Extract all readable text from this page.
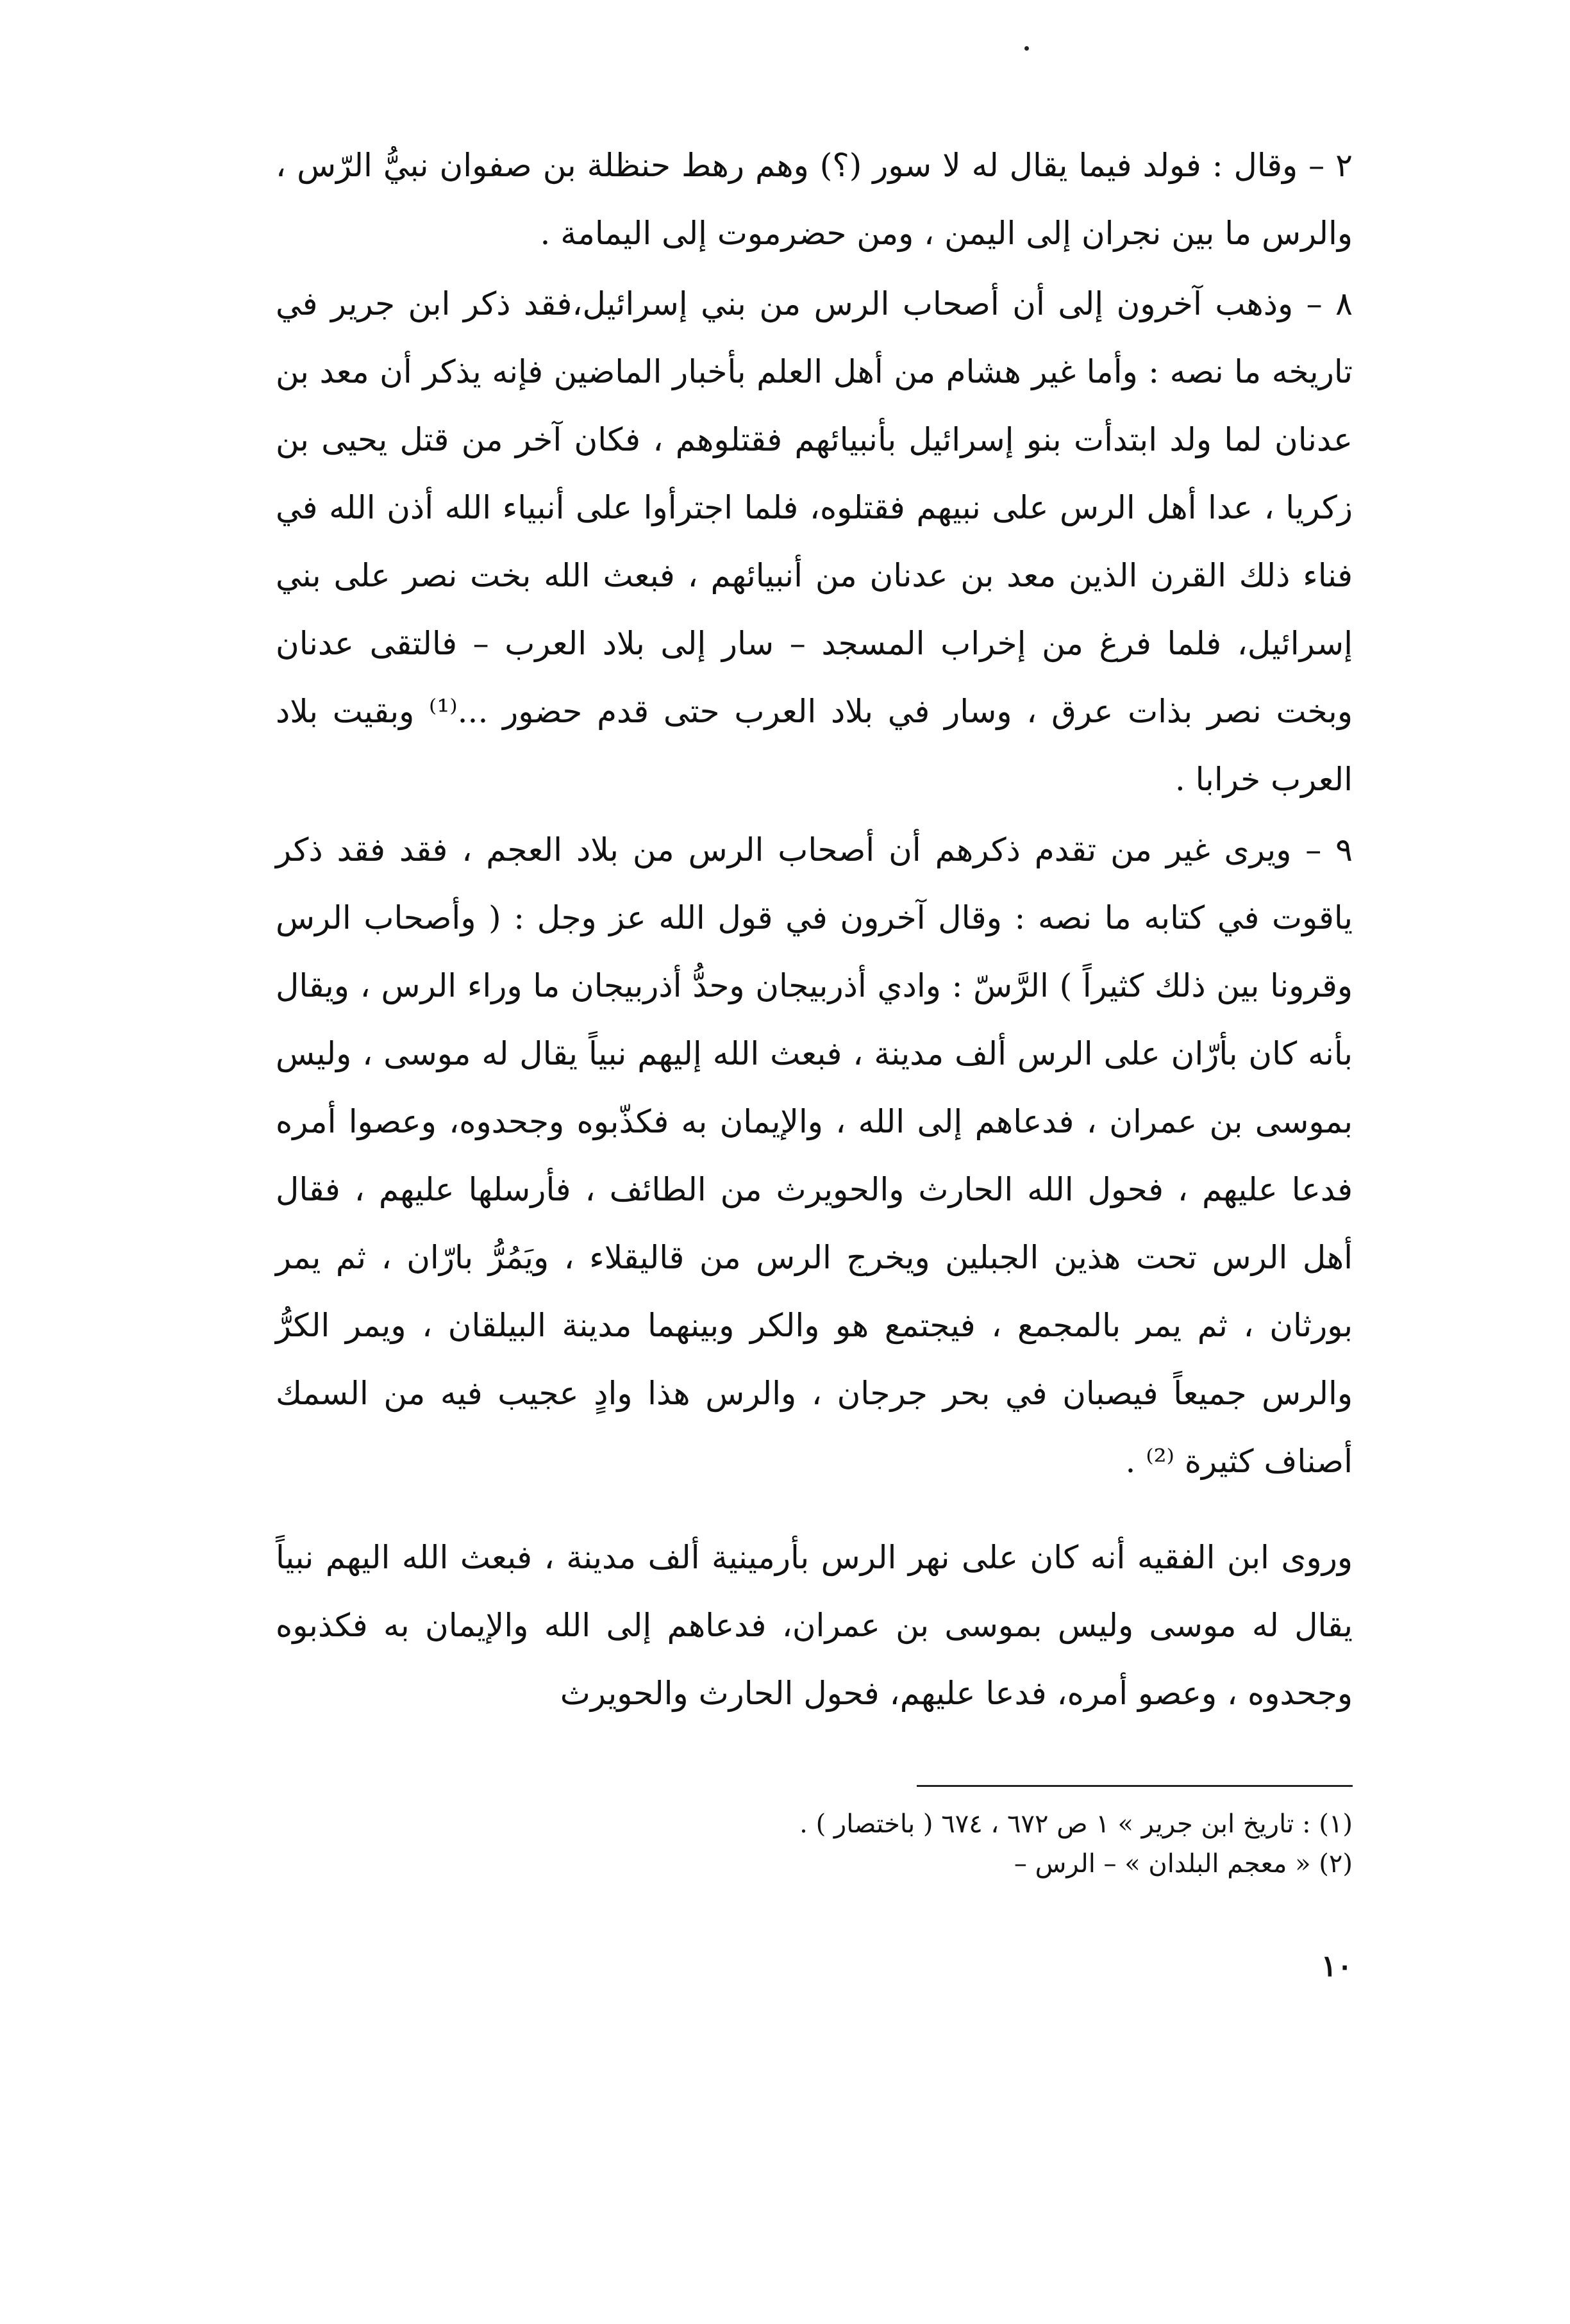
٢ – وقال : فولد فيما يقال له لا سور (؟) وهم رهط حنظلة بن صفوان نبيُّ الرّس ، والرس ما بين نجران إلى اليمن ، ومن حضرموت إلى اليمامة .

٨ – وذهب آخرون إلى أن أصحاب الرس من بني إسرائيل،فقد ذكر ابن جرير في تاريخه ما نصه : وأما غير هشام من أهل العلم بأخبار الماضين فإنه يذكر أن معد بن عدنان لما ولد ابتدأت بنو إسرائيل بأنبيائهم فقتلوهم ، فكان آخر من قتل يحيى بن زكريا ، عدا أهل الرس على نبيهم فقتلوه، فلما اجترأوا على أنبياء الله أذن الله في فناء ذلك القرن الذين معد بن عدنان من أنبيائهم ، فبعث الله بخت نصر على بني إسرائيل، فلما فرغ من إخراب المسجد – سار إلى بلاد العرب – فالتقى عدنان وبخت نصر بذات عرق ، وسار في بلاد العرب حتى قدم حضور ...⁽¹⁾ وبقيت بلاد العرب خرابا .

٩ – ويرى غير من تقدم ذكرهم أن أصحاب الرس من بلاد العجم ، فقد فقد ذكر ياقوت في كتابه ما نصه : وقال آخرون في قول الله عز وجل : ( وأصحاب الرس وقرونا بين ذلك كثيراً ) الرَّسّ : وادي أذربيجان وحدُّ أذربيجان ما وراء الرس ، ويقال بأنه كان بأرّان على الرس ألف مدينة ، فبعث الله إليهم نبياً يقال له موسى ، وليس بموسى بن عمران ، فدعاهم إلى الله ، والإيمان به فكذّبوه وجحدوه، وعصوا أمره فدعا عليهم ، فحول الله الحارث والحويرث من الطائف ، فأرسلها عليهم ، فقال أهل الرس تحت هذين الجبلين ويخرج الرس من قاليقلاء ، ويَمُرُّ بارّان ، ثم يمر بورثان ، ثم يمر بالمجمع ، فيجتمع هو والكر وبينهما مدينة البيلقان ، ويمر الكرُّ والرس جميعاً فيصبان في بحر جرجان ، والرس هذا وادٍ عجيب فيه من السمك أصناف كثيرة ⁽²⁾ .

وروى ابن الفقيه أنه كان على نهر الرس بأرمينية ألف مدينة ، فبعث الله اليهم نبياً يقال له موسى وليس بموسى بن عمران، فدعاهم إلى الله والإيمان به فكذبوه وجحدوه ، وعصو أمره، فدعا عليهم، فحول الحارث والحويرث

(١) : تاريخ ابن جرير » ١ ص ٦٧٢ ، ٦٧٤ ( باختصار ) .

(٢) « معجم البلدان » – الرس –

١٠
